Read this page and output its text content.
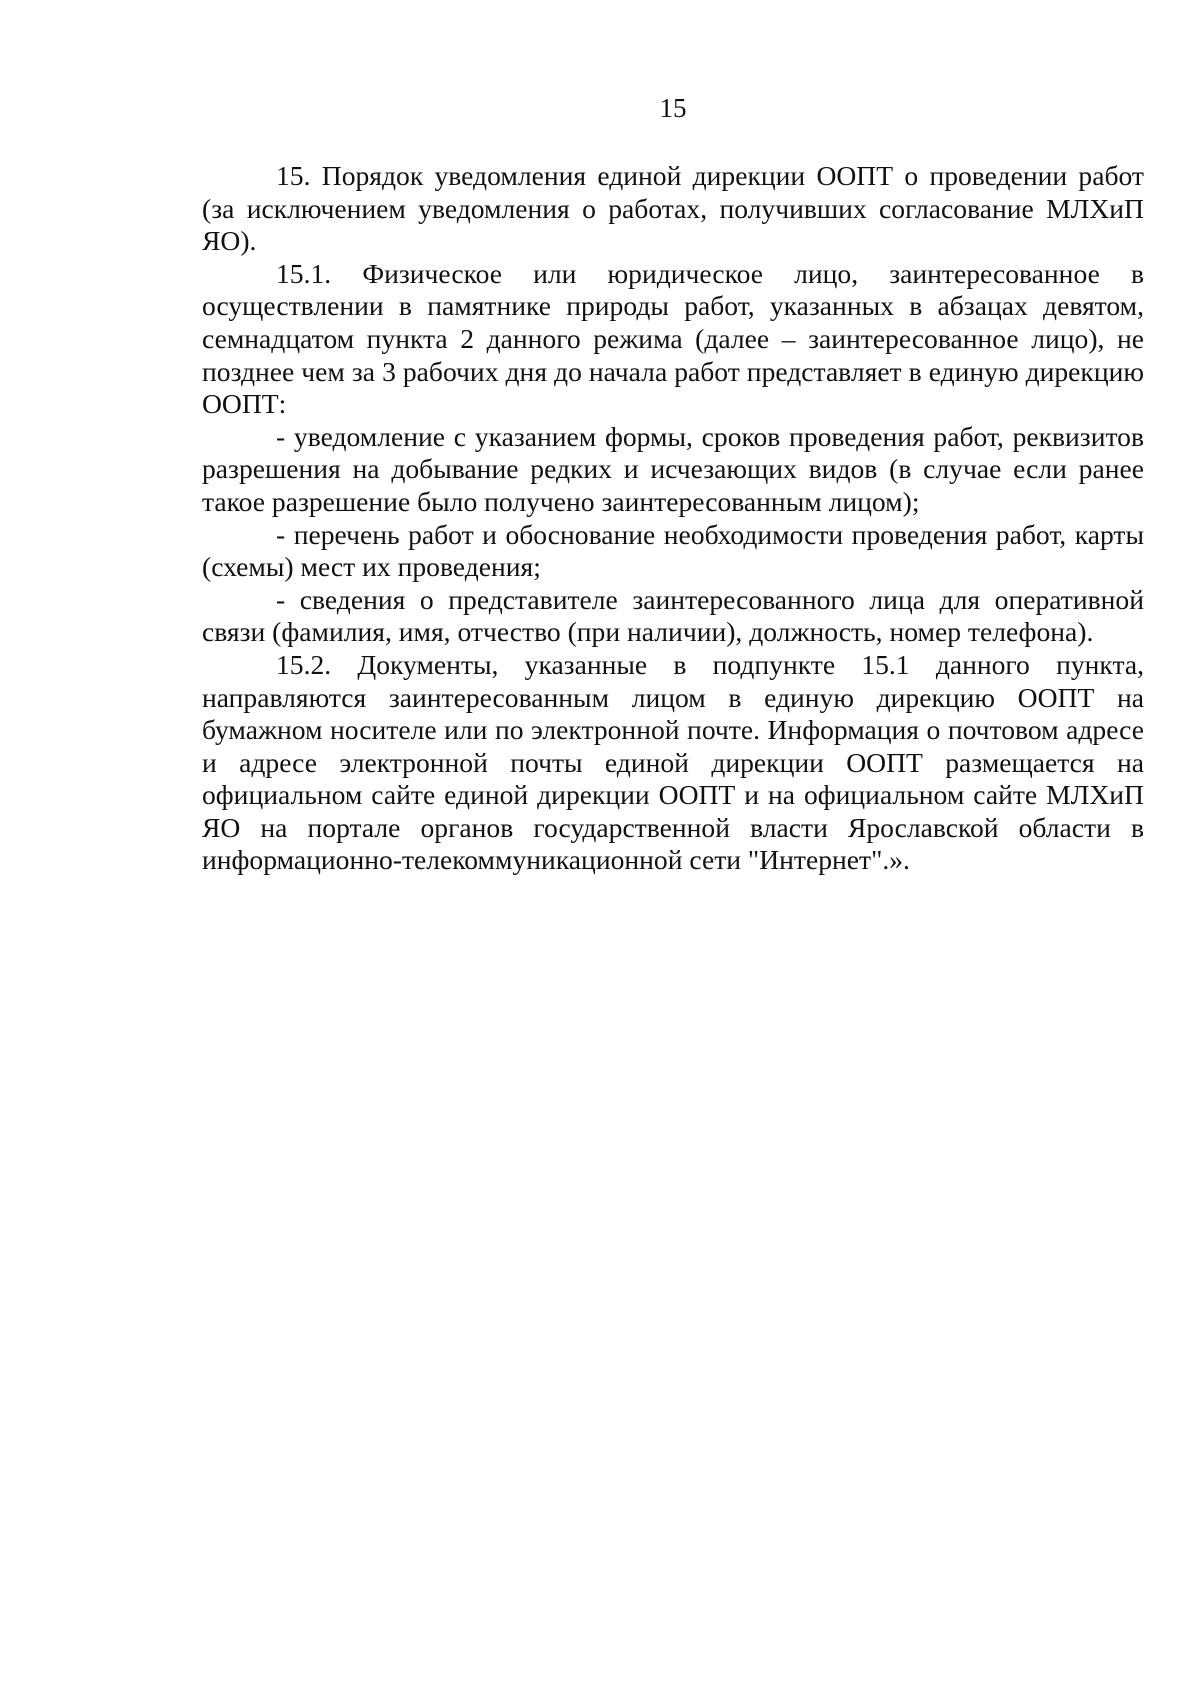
15

15. Порядок уведомления единой дирекции ООПТ о проведении работ (за исключением уведомления о работах, получивших согласование МЛХиП ЯО).

15.1. Физическое или юридическое лицо, заинтересованное в осуществлении в памятнике природы работ, указанных в абзацах девятом, семнадцатом пункта 2 данного режима (далее – заинтересованное лицо), не позднее чем за 3 рабочих дня до начала работ представляет в единую дирекцию ООПТ:

- уведомление с указанием формы, сроков проведения работ, реквизитов разрешения на добывание редких и исчезающих видов (в случае если ранее такое разрешение было получено заинтересованным лицом);

- перечень работ и обоснование необходимости проведения работ, карты (схемы) мест их проведения;

- сведения о представителе заинтересованного лица для оперативной связи (фамилия, имя, отчество (при наличии), должность, номер телефона).

15.2. Документы, указанные в подпункте 15.1 данного пункта, направляются заинтересованным лицом в единую дирекцию ООПТ на бумажном носителе или по электронной почте. Информация о почтовом адресе и адресе электронной почты единой дирекции ООПТ размещается на официальном сайте единой дирекции ООПТ и на официальном сайте МЛХиП ЯО на портале органов государственной власти Ярославской области в информационно-телекоммуникационной сети "Интернет".».
